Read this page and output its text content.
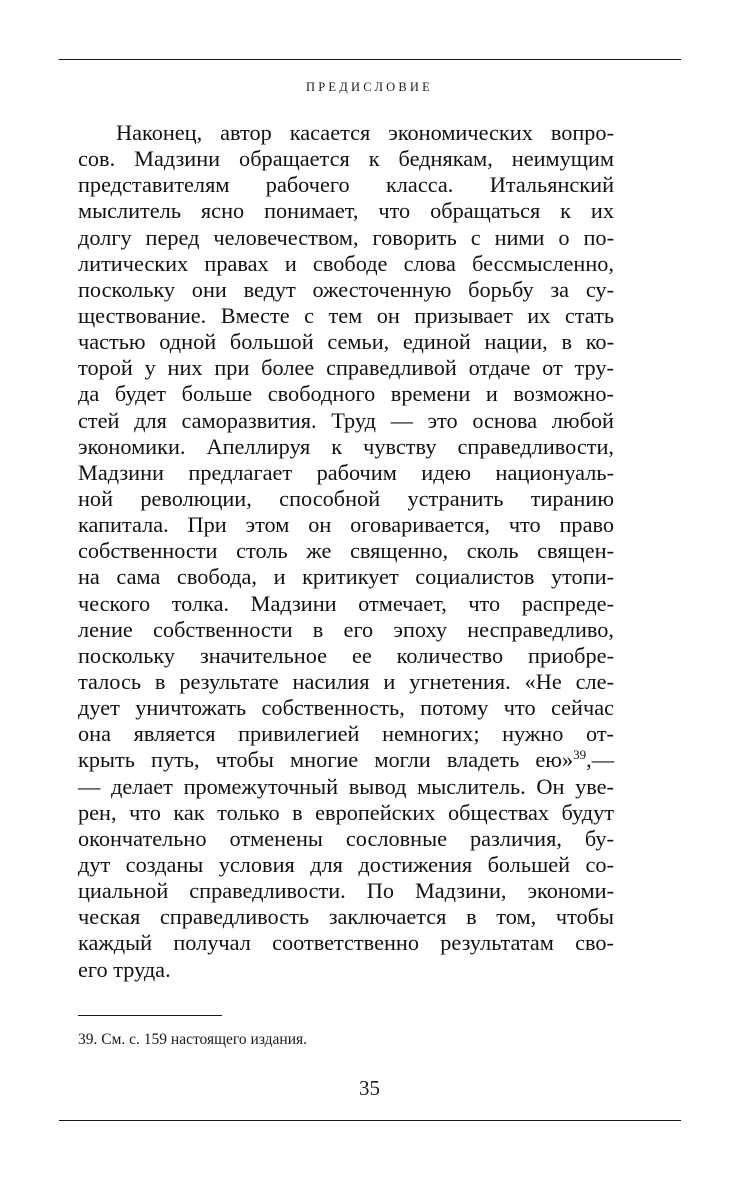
ПРЕДИСЛОВИЕ
Наконец, автор касается экономических вопро-
сов. Мадзини обращается к беднякам, неимущим
представителям рабочего класса. Итальянский
мыслитель ясно понимает, что обращаться к их
долгу перед человечеством, говорить с ними о по-
литических правах и свободе слова бессмысленно,
поскольку они ведут ожесточенную борьбу за су-
ществование. Вместе с тем он призывает их стать
частью одной большой семьи, единой нации, в ко-
торой у них при более справедливой отдаче от тру-
да будет больше свободного времени и возможно-
стей для саморазвития. Труд — это основа любой
экономики. Апеллируя к чувству справедливости,
Мадзини предлагает рабочим идею национуаль-
ной революции, способной устранить тиранию
капитала. При этом он оговаривается, что право
собственности столь же священно, сколь священ-
на сама свобода, и критикует социалистов утопи-
ческого толка. Мадзини отмечает, что распреде-
ление собственности в его эпоху несправедливо,
поскольку значительное ее количество приобре-
талось в результате насилия и угнетения. «Не сле-
дует уничтожать собственность, потому что сейчас
она является привилегией немногих; нужно от-
крыть путь, чтобы многие могли владеть ею»$^{39}$,—
— делает промежуточный вывод мыслитель. Он уве-
рен, что как только в европейских обществах будут
окончательно отменены сословные различия, бу-
дут созданы условия для достижения большей со-
циальной справедливости. По Мадзини, экономи-
ческая справедливость заключается в том, чтобы
каждый получал соответственно результатам сво-
его труда.
39. См. с. 159 настоящего издания.
35
